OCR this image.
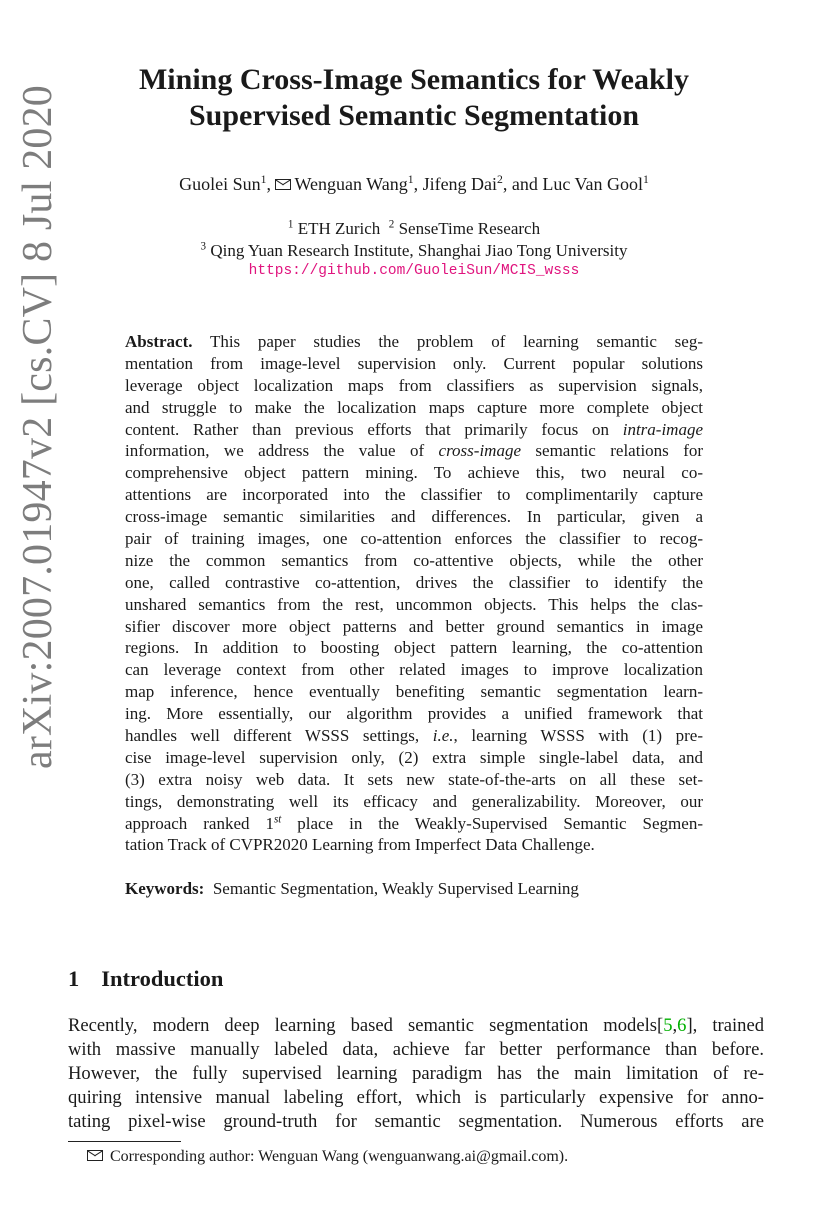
arXiv:2007.01947v2 [cs.CV] 8 Jul 2020
Mining Cross-Image Semantics for Weakly
Supervised Semantic Segmentation
Guolei Sun$^1$, Wenguan Wang$^1$, Jifeng Dai$^2$, and Luc Van Gool$^1$
$^1$ ETH Zurich $^2$ SenseTime Research
$^3$ Qing Yuan Research Institute, Shanghai Jiao Tong University
https://github.com/GuoleiSun/MCIS_wsss
Abstract. This paper studies the problem of learning semantic seg-
mentation from image-level supervision only. Current popular solutions
leverage object localization maps from classifiers as supervision signals,
and struggle to make the localization maps capture more complete object
content. Rather than previous efforts that primarily focus on intra-image
information, we address the value of cross-image semantic relations for
comprehensive object pattern mining. To achieve this, two neural co-
attentions are incorporated into the classifier to complimentarily capture
cross-image semantic similarities and differences. In particular, given a
pair of training images, one co-attention enforces the classifier to recog-
nize the common semantics from co-attentive objects, while the other
one, called contrastive co-attention, drives the classifier to identify the
unshared semantics from the rest, uncommon objects. This helps the clas-
sifier discover more object patterns and better ground semantics in image
regions. In addition to boosting object pattern learning, the co-attention
can leverage context from other related images to improve localization
map inference, hence eventually benefiting semantic segmentation learn-
ing. More essentially, our algorithm provides a unified framework that
handles well different WSSS settings, i.e., learning WSSS with (1) pre-
cise image-level supervision only, (2) extra simple single-label data, and
(3) extra noisy web data. It sets new state-of-the-arts on all these set-
tings, demonstrating well its efficacy and generalizability. Moreover, our
approach ranked 1st place in the Weakly-Supervised Semantic Segmen-
tation Track of CVPR2020 Learning from Imperfect Data Challenge.
Keywords: Semantic Segmentation, Weakly Supervised Learning
1 Introduction
Recently, modern deep learning based semantic segmentation models[5,6], trained
with massive manually labeled data, achieve far better performance than before.
However, the fully supervised learning paradigm has the main limitation of re-
quiring intensive manual labeling effort, which is particularly expensive for anno-
tating pixel-wise ground-truth for semantic segmentation. Numerous efforts are
Corresponding author: Wenguan Wang (wenguanwang.ai@gmail.com).
